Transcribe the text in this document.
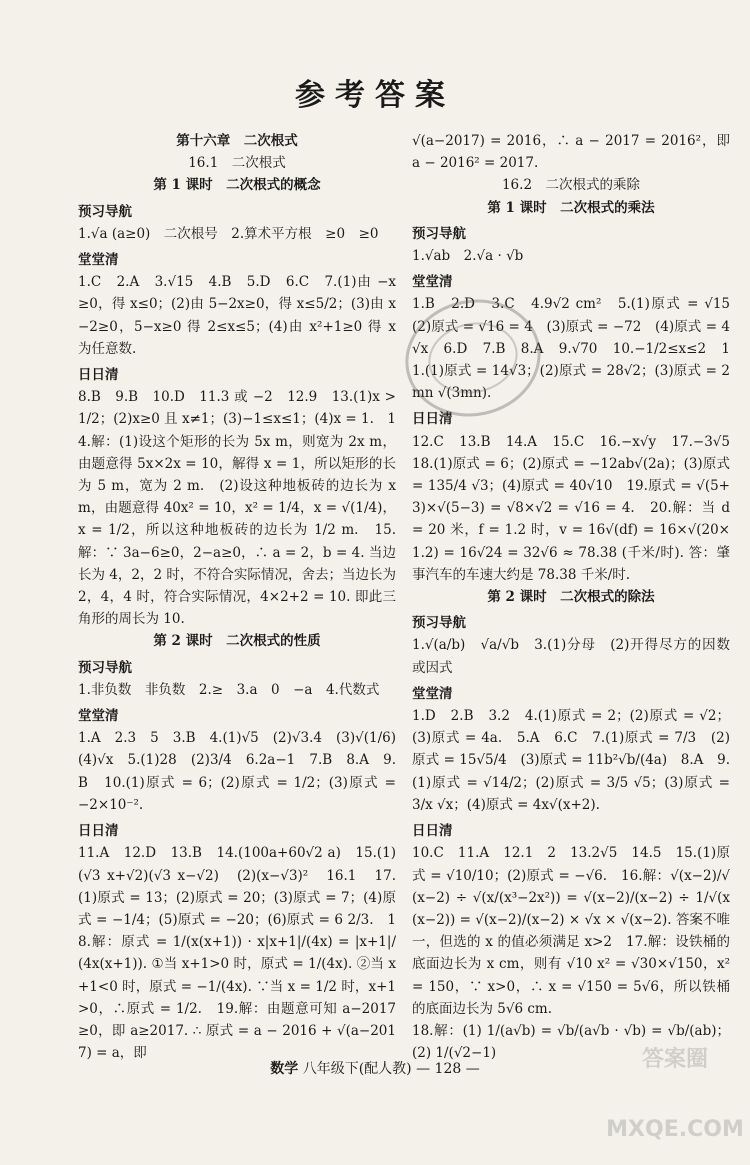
参考答案

第十六章　二次根式

16.1　二次根式

第 1 课时　二次根式的概念

预习导航

1.√a (a≥0)　二次根号　2.算术平方根　≥0　≥0

堂堂清

1.C　2.A　3.√15　4.B　5.D　6.C　7.(1)由 −x ≥0，得 x≤0；(2)由 5−2x≥0，得 x≤5/2；(3)由 x−2≥0，5−x≥0 得 2≤x≤5；(4)由 x²+1≥0 得 x 为任意数.

日日清

8.B　9.B　10.D　11.3 或 −2　12.9　13.(1)x > 1/2；(2)x≥0 且 x≠1；(3)−1≤x≤1；(4)x = 1.　14.解：(1)设这个矩形的长为 5x m，则宽为 2x m，由题意得 5x×2x = 10，解得 x = 1，所以矩形的长为 5 m，宽为 2 m.　(2)设这种地板砖的边长为 x m，由题意得 40x² = 10，x² = 1/4，x = √(1/4)，x = 1/2，所以这种地板砖的边长为 1/2 m.　15.解：∵ 3a−6≥0，2−a≥0，∴ a = 2，b = 4. 当边长为 4，2，2 时，不符合实际情况，舍去；当边长为 2，4，4 时，符合实际情况，4×2+2 = 10. 即此三角形的周长为 10.

第 2 课时　二次根式的性质

预习导航

1.非负数　非负数　2.≥　3.a　0　−a　4.代数式

堂堂清

1.A　2.3　5　3.B　4.(1)√5　(2)√3.4　(3)√(1/6)　(4)√x　5.(1)28　(2)3/4　6.2a−1　7.B　8.A　9.B　10.(1)原式 = 6；(2)原式 = 1/2；(3)原式 = −2×10⁻².

日日清

11.A　12.D　13.B　14.(100a+60√2 a)　15.(1)(√3 x+√2)(√3 x−√2)　(2)(x−√3)²　16.1　17.(1)原式 = 13；(2)原式 = 20；(3)原式 = 7；(4)原式 = −1/4；(5)原式 = −20；(6)原式 = 6 2/3.　18.解：原式 = 1/(x(x+1)) · x|x+1|/(4x) = |x+1|/(4x(x+1)). ①当 x+1>0 时，原式 = 1/(4x). ②当 x+1<0 时，原式 = −1/(4x). ∵当 x = 1/2 时，x+1>0，∴原式 = 1/2.　19.解：由题意可知 a−2017≥0，即 a≥2017. ∴ 原式 = a − 2016 + √(a−2017) = a，即

√(a−2017) = 2016，∴ a − 2017 = 2016²，即 a − 2016² = 2017.

16.2　二次根式的乘除

第 1 课时　二次根式的乘法

预习导航

1.√ab　2.√a · √b

堂堂清

1.B　2.D　3.C　4.9√2 cm²　5.(1)原式 = √15　(2)原式 = √16 = 4　(3)原式 = −72　(4)原式 = 4√x　6.D　7.B　8.A　9.√70　10.−1/2≤x≤2　11.(1)原式 = 14√3；(2)原式 = 28√2；(3)原式 = 2mn √(3mn).

日日清

12.C　13.B　14.A　15.C　16.−x√y　17.−3√5　18.(1)原式 = 6；(2)原式 = −12ab√(2a)；(3)原式 = 135/4 √3；(4)原式 = 40√10　19.原式 = √(5+3)×√(5−3) = √8×√2 = √16 = 4.　20.解：当 d = 20 米，f = 1.2 时，v = 16√(df) = 16×√(20×1.2) = 16√24 = 32√6 ≈ 78.38 (千米/时). 答：肇事汽车的车速大约是 78.38 千米/时.

第 2 课时　二次根式的除法

预习导航

1.√(a/b)　√a/√b　3.(1)分母　(2)开得尽方的因数或因式

堂堂清

1.D　2.B　3.2　4.(1)原式 = 2；(2)原式 = √2；(3)原式 = 4a.　5.A　6.C　7.(1)原式 = 7/3　(2)原式 = 15√5/4　(3)原式 = 11b²√b/(4a)　8.A　9.(1)原式 = √14/2；(2)原式 = 3/5 √5；(3)原式 = 3/x √x；(4)原式 = 4x√(x+2).

日日清

10.C　11.A　12.1　2　13.2√5　14.5　15.(1)原式 = √10/10；(2)原式 = −√6.　16.解：√(x−2)/√(x−2) ÷ √(x/(x³−2x²)) = √(x−2)/(x−2) ÷ 1/√(x(x−2)) = √(x−2)/(x−2) × √x × √(x−2). 答案不唯一，但选的 x 的值必须满足 x>2　17.解：设铁桶的底面边长为 x cm，则有 √10 x² = √30×√150，x² = 150，∵ x>0，∴ x = √150 = 5√6，所以铁桶的底面边长为 5√6 cm.

18.解：(1) 1/(a√b) = √b/(a√b · √b) = √b/(ab)；(2) 1/(√2−1)

数学 八年级下(配人教) — 128 —	答案圈 MXQE.COM
